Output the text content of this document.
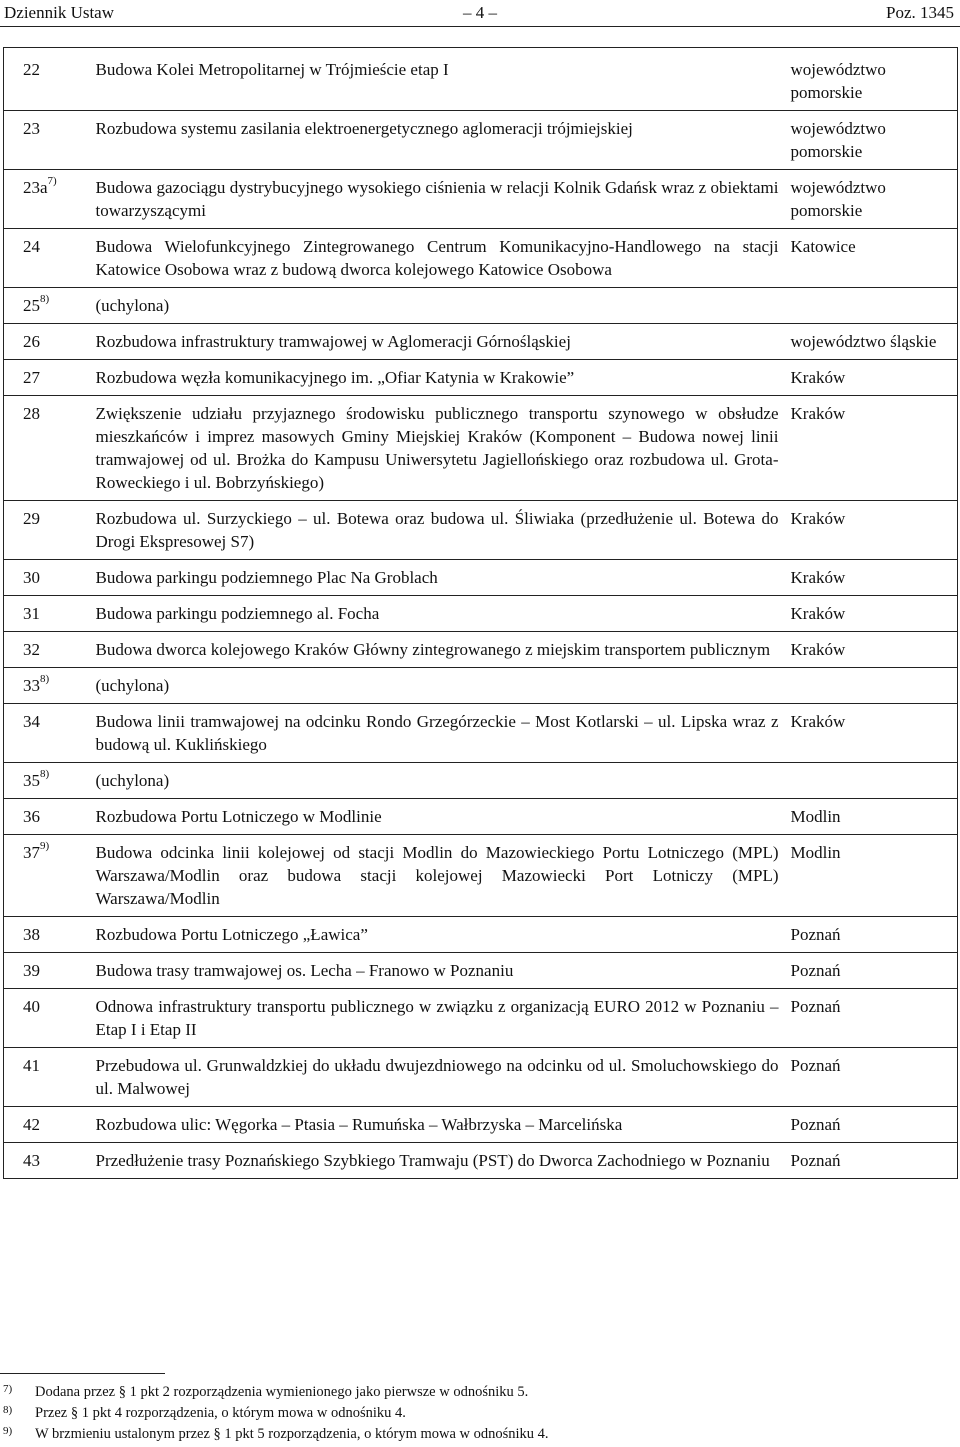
– 4 –
Dziennik Ustaw	Poz. 1345
22	Budowa Kolei Metropolitarnej w Trójmieście etap I	województwo pomorskie
23	Rozbudowa systemu zasilania elektroenergetycznego aglomeracji trójmiejskiej	województwo pomorskie
$23a^{7)}$	Budowa gazociągu dystrybucyjnego wysokiego ciśnienia w relacji Kolnik Gdańsk wraz z obiektami towarzyszącymi	województwo pomorskie
24	Budowa Wielofunkcyjnego Zintegrowanego Centrum Komunikacyjno-Handlowego na stacji Katowice Osobowa wraz z budową dworca kolejowego Katowice Osobowa	Katowice
25$^{8)}$	(uchylona)	
26	Rozbudowa infrastruktury tramwajowej w Aglomeracji Górnośląskiej	województwo śląskie
27	Rozbudowa węzła komunikacyjnego im. „Ofiar Katynia w Krakowie”	Kraków
28	Zwiększenie udziału przyjaznego środowisku publicznego transportu szynowego w obsłudze mieszkańców i imprez masowych Gminy Miejskiej Kraków (Komponent – Budowa nowej linii tramwajowej od ul. Brożka do Kampusu Uniwersytetu Jagiellońskiego oraz rozbudowa ul. Grota-Roweckiego i ul. Bobrzyńskiego)	Kraków
29	Rozbudowa ul. Surzyckiego – ul. Botewa oraz budowa ul. Śliwiaka (przedłużenie ul. Botewa do Drogi Ekspresowej S7)	Kraków
30	Budowa parkingu podziemnego Plac Na Groblach	Kraków
31	Budowa parkingu podziemnego al. Focha	Kraków
32	Budowa dworca kolejowego Kraków Główny zintegrowanego z miejskim transportem publicznym	Kraków
33$^{8)}$	(uchylona)	
34	Budowa linii tramwajowej na odcinku Rondo Grzegórzeckie – Most Kotlarski – ul. Lipska wraz z budową ul. Kuklińskiego	Kraków
35$^{8)}$	(uchylona)	
36	Rozbudowa Portu Lotniczego w Modlinie	Modlin
37$^{9)}$	Budowa odcinka linii kolejowej od stacji Modlin do Mazowieckiego Portu Lotniczego (MPL) Warszawa/Modlin oraz budowa stacji kolejowej Mazowiecki Port Lotniczy (MPL) Warszawa/Modlin	Modlin
38	Rozbudowa Portu Lotniczego „Ławica”	Poznań
39	Budowa trasy tramwajowej os. Lecha – Franowo w Poznaniu	Poznań
40	Odnowa infrastruktury transportu publicznego w związku z organizacją EURO 2012 w Poznaniu – Etap I i Etap II	Poznań
41	Przebudowa ul. Grunwaldzkiej do układu dwujezdniowego na odcinku od ul. Smoluchowskiego do ul. Malwowej	Poznań
42	Rozbudowa ulic: Węgorka – Ptasia – Rumuńska – Wałbrzyska – Marcelińska	Poznań
43	Przedłużenie trasy Poznańskiego Szybkiego Tramwaju (PST) do Dworca Zachodniego w Poznaniu	Poznań
7) Dodana przez § 1 pkt 2 rozporządzenia wymienionego jako pierwsze w odnośniku 5.
8) Przez § 1 pkt 4 rozporządzenia, o którym mowa w odnośniku 4.
9) W brzmieniu ustalonym przez § 1 pkt 5 rozporządzenia, o którym mowa w odnośniku 4.
